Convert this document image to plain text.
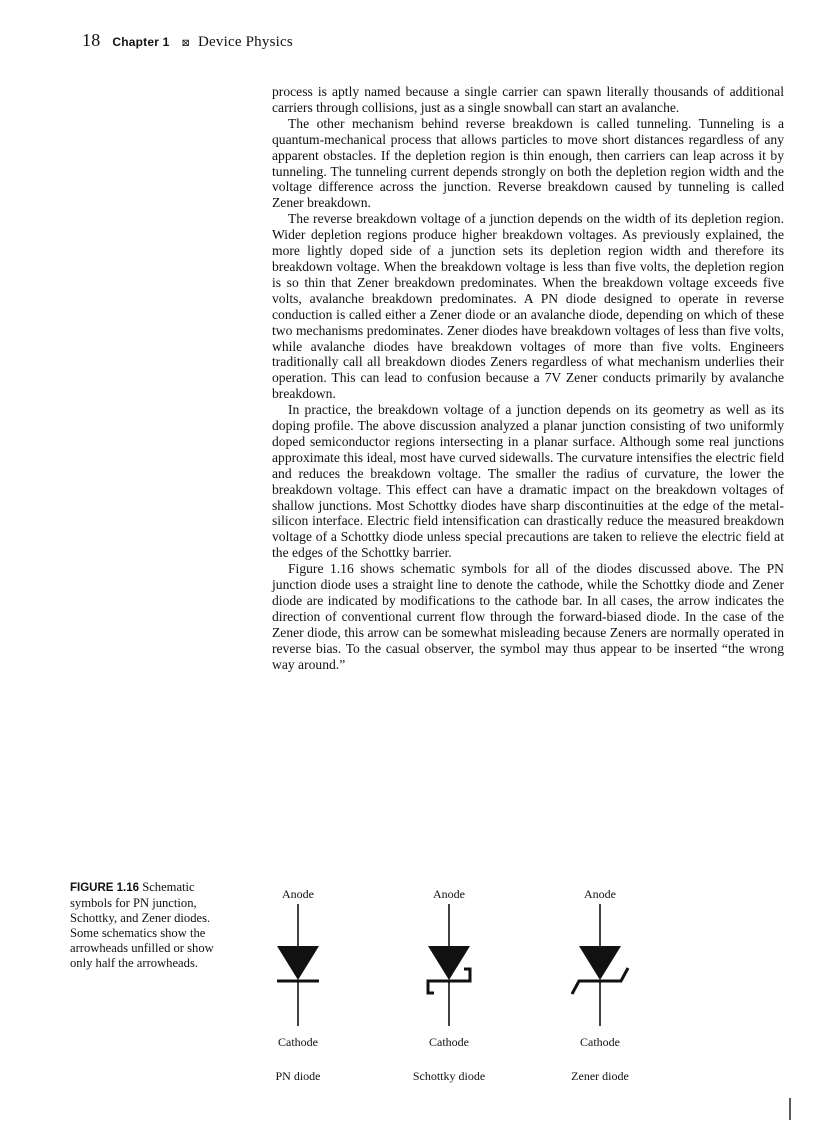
18 Chapter 1 ⊠ Device Physics

process is aptly named because a single carrier can spawn literally thousands of additional carriers through collisions, just as a single snowball can start an avalanche.

The other mechanism behind reverse breakdown is called tunneling. Tunneling is a quantum-mechanical process that allows particles to move short distances regardless of any apparent obstacles. If the depletion region is thin enough, then carriers can leap across it by tunneling. The tunneling current depends strongly on both the depletion region width and the voltage difference across the junction. Reverse breakdown caused by tunneling is called Zener breakdown.

The reverse breakdown voltage of a junction depends on the width of its depletion region. Wider depletion regions produce higher breakdown voltages. As previously explained, the more lightly doped side of a junction sets its depletion region width and therefore its breakdown voltage. When the breakdown voltage is less than five volts, the depletion region is so thin that Zener breakdown predominates. When the breakdown voltage exceeds five volts, avalanche breakdown predominates. A PN diode designed to operate in reverse conduction is called either a Zener diode or an avalanche diode, depending on which of these two mechanisms predominates. Zener diodes have breakdown voltages of less than five volts, while avalanche diodes have breakdown voltages of more than five volts. Engineers traditionally call all breakdown diodes Zeners regardless of what mechanism underlies their operation. This can lead to confusion because a 7V Zener conducts primarily by avalanche breakdown.

In practice, the breakdown voltage of a junction depends on its geometry as well as its doping profile. The above discussion analyzed a planar junction consisting of two uniformly doped semiconductor regions intersecting in a planar surface. Although some real junctions approximate this ideal, most have curved sidewalls. The curvature intensifies the electric field and reduces the breakdown voltage. The smaller the radius of curvature, the lower the breakdown voltage. This effect can have a dramatic impact on the breakdown voltages of shallow junctions. Most Schottky diodes have sharp discontinuities at the edge of the metal-silicon interface. Electric field intensification can drastically reduce the measured breakdown voltage of a Schottky diode unless special precautions are taken to relieve the electric field at the edges of the Schottky barrier.

Figure 1.16 shows schematic symbols for all of the diodes discussed above. The PN junction diode uses a straight line to denote the cathode, while the Schottky diode and Zener diode are indicated by modifications to the cathode bar. In all cases, the arrow indicates the direction of conventional current flow through the forward-biased diode. In the case of the Zener diode, this arrow can be somewhat misleading because Zeners are normally operated in reverse bias. To the casual observer, the symbol may thus appear to be inserted “the wrong way around.”

FIGURE 1.16 Schematic symbols for PN junction, Schottky, and Zener diodes. Some schematics show the arrowheads unfilled or show only half the arrowheads.
Anode
Cathode
PN diode
Anode
Cathode
Schottky diode
Anode
Cathode
Zener diode
